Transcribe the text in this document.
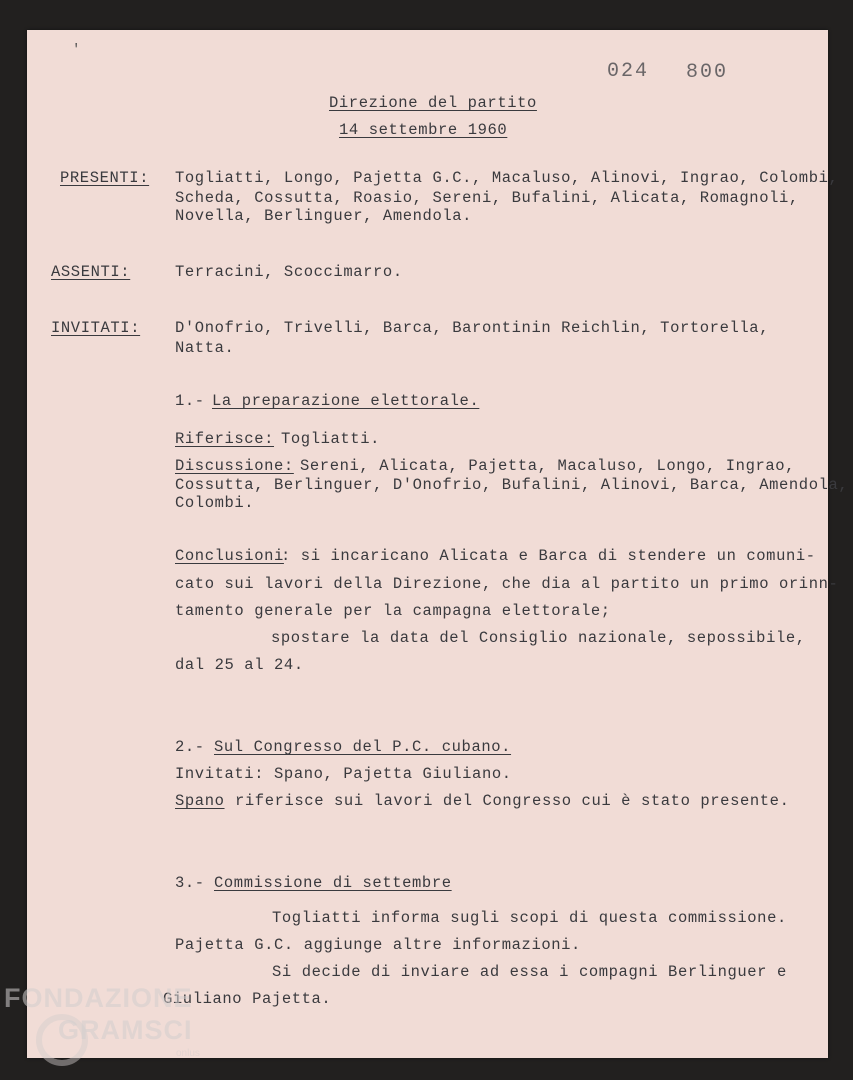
'
024 800
Direzione del partito
14 settembre 1960
PRESENTI: Togliatti, Longo, Pajetta G.C., Macaluso, Alinovi, Ingrao, Colombi,
Scheda, Cossutta, Roasio, Sereni, Bufalini, Alicata, Romagnoli,
Novella, Berlinguer, Amendola.
ASSENTI:	Terracini, Scoccimarro.
INVITATI: D'Onofrio, Trivelli, Barca, Barontinin Reichlin, Tortorella,
Natta.
1.- La preparazione elettorale.
Riferisce: Togliatti.
Discussione: Sereni, Alicata, Pajetta, Macaluso, Longo, Ingrao,
Cossutta, Berlinguer, D'Onofrio, Bufalini, Alinovi, Barca, Amendola,
Colombi.
Conclusioni
: si incaricano Alicata e Barca di stendere un comuni-
cato sui lavori della Direzione, che dia al partito un primo orinn-
tamento generale per la campagna elettorale;
spostare la data del Consiglio nazionale, sepossibile,
dal 25 al 24.
2.- Sul Congresso del P.C. cubano.
Invitati: Spano, Pajetta Giuliano.
Spano riferisce sui lavori del Congresso cui è stato presente.
3.- Commissione di settembre
Togliatti informa sugli scopi di questa commissione.
Pajetta G.C. aggiunge altre informazioni.
Si decide di inviare ad essa i compagni Berlinguer e
Giuliano Pajetta.
FONDAZIONE
GRAMSCI
onlus
